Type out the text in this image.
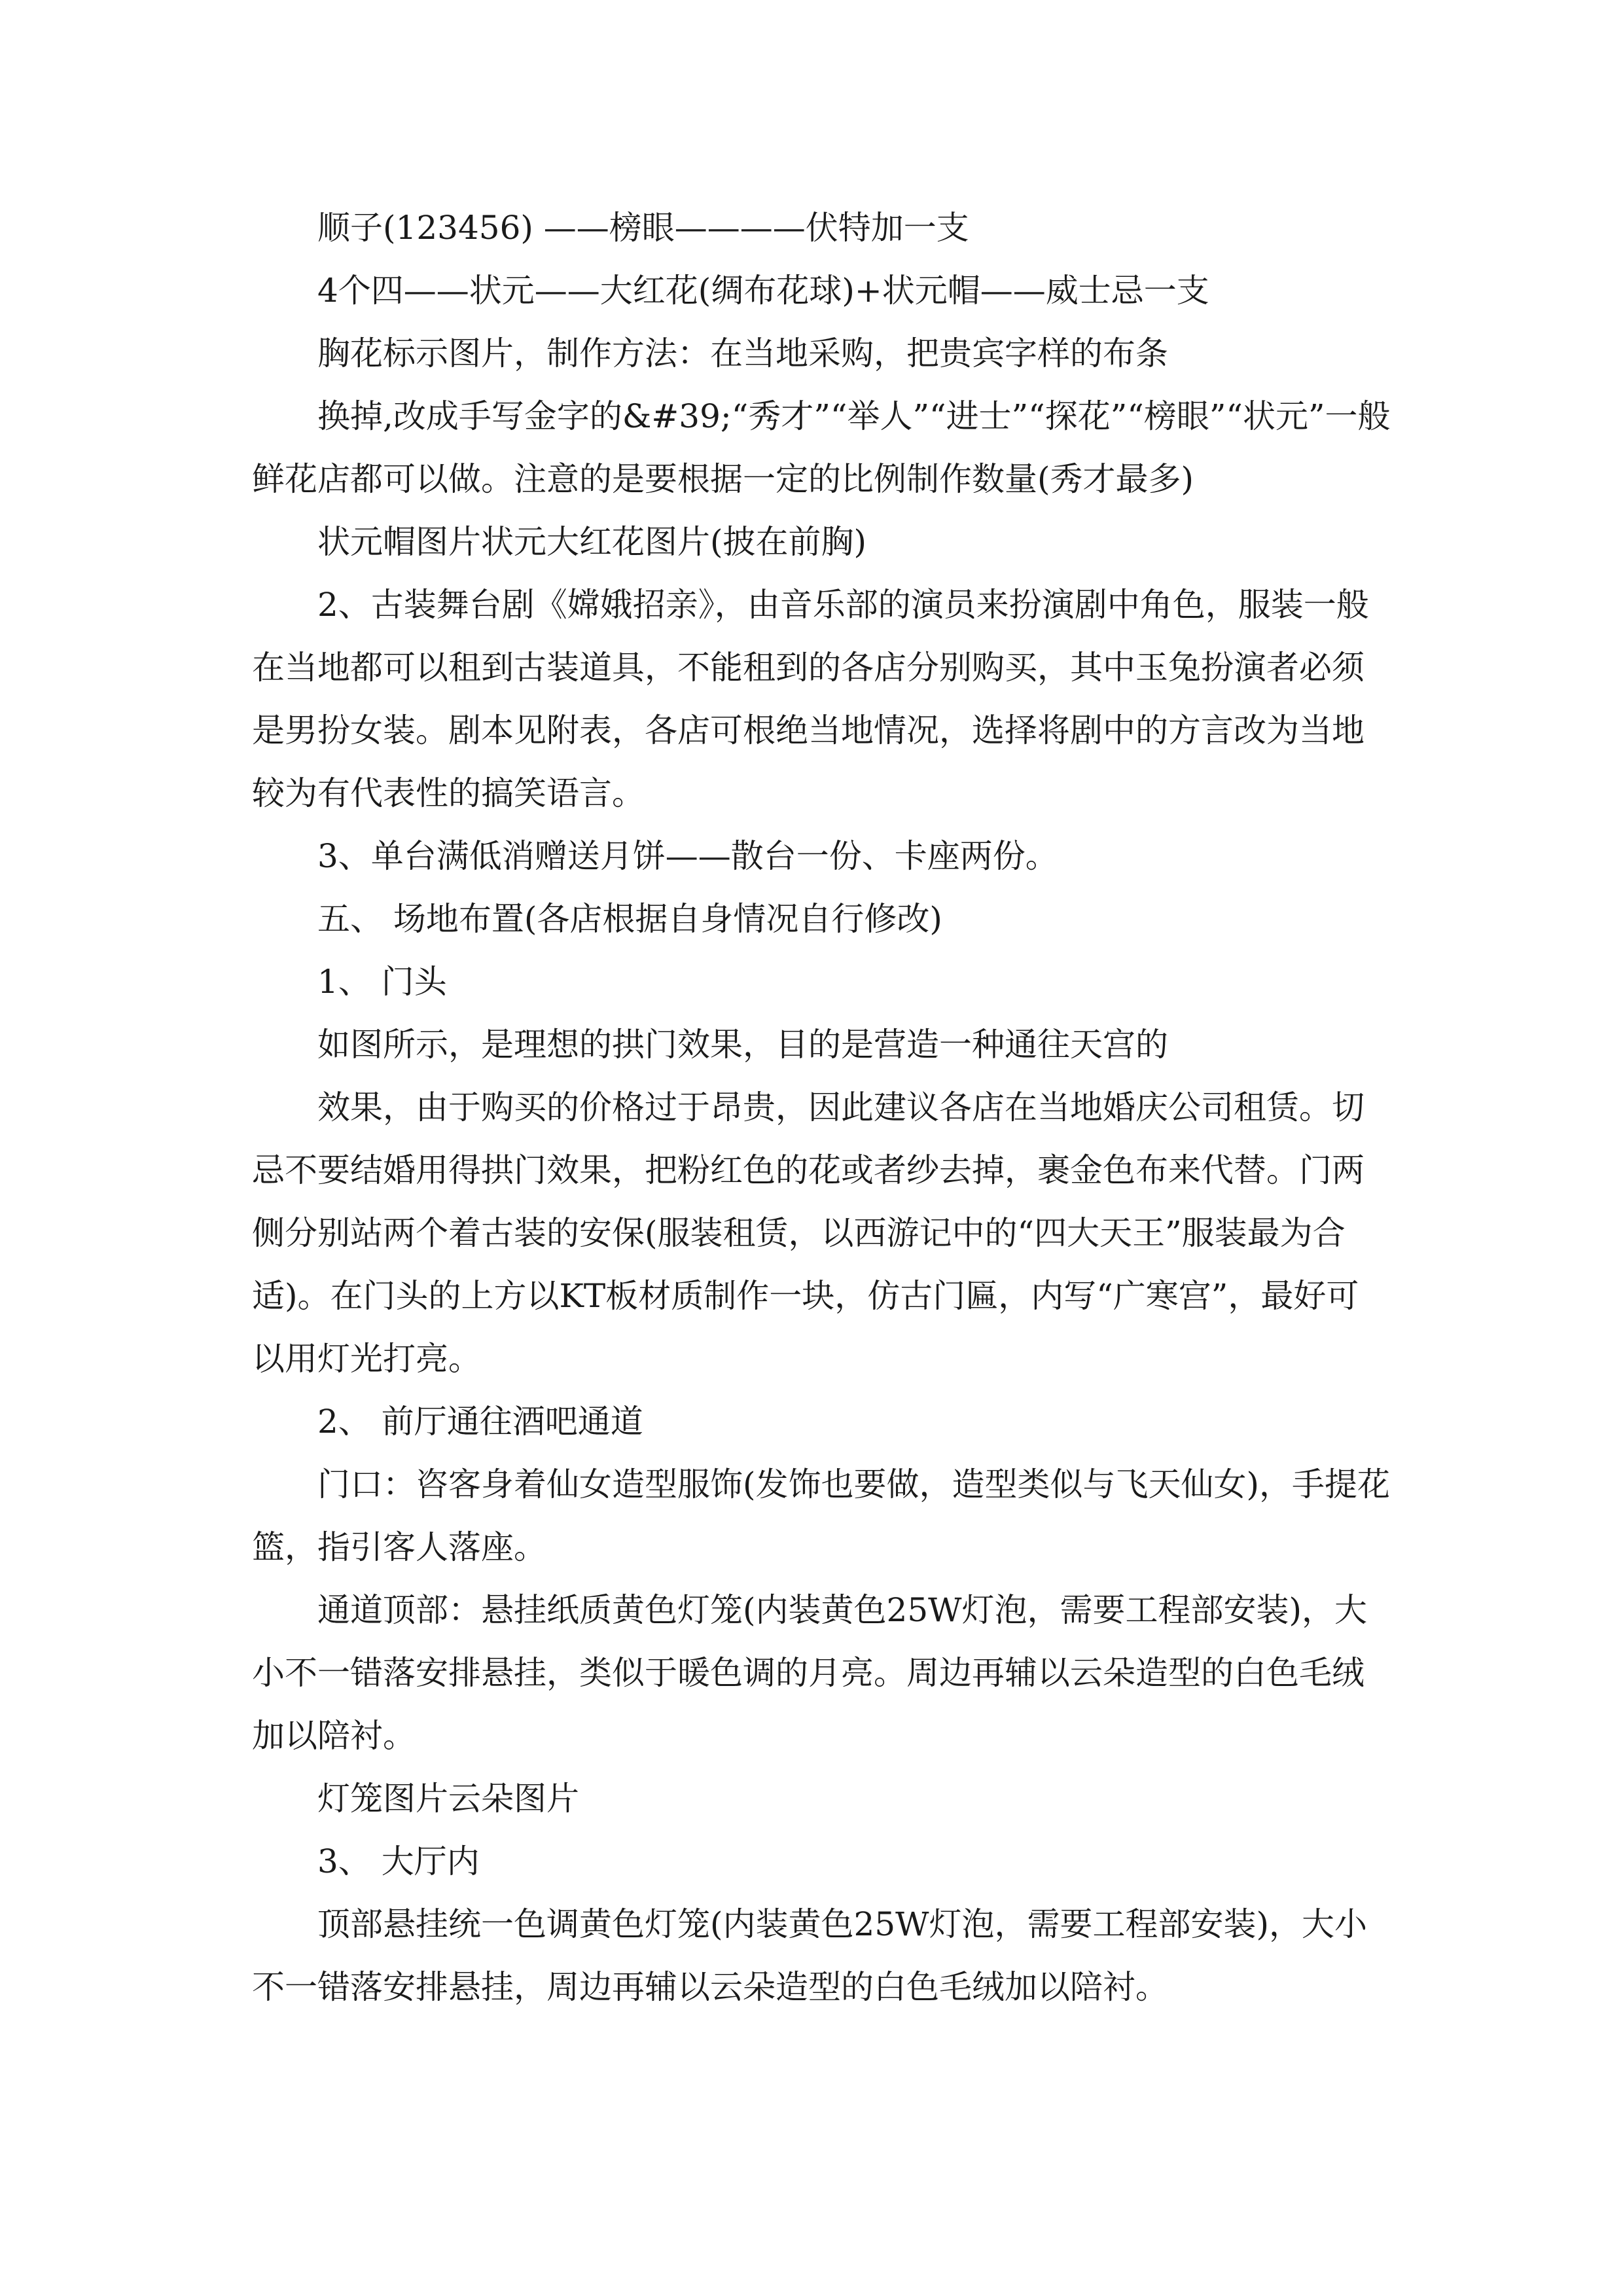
顺子(123456) ——榜眼————伏特加一支

4个四——状元——大红花(绸布花球)+状元帽——威士忌一支

胸花标示图片，制作方法：在当地采购，把贵宾字样的布条

换掉,改成手写金字的&#39;“秀才”“举人”“进士”“探花”“榜眼”“状元”一般鲜花店都可以做。注意的是要根据一定的比例制作数量(秀才最多)

状元帽图片状元大红花图片(披在前胸)

2、古装舞台剧《嫦娥招亲》，由音乐部的演员来扮演剧中角色，服装一般在当地都可以租到古装道具，不能租到的各店分别购买，其中玉兔扮演者必须是男扮女装。剧本见附表，各店可根绝当地情况，选择将剧中的方言改为当地较为有代表性的搞笑语言。

3、单台满低消赠送月饼——散台一份、卡座两份。

五、 场地布置(各店根据自身情况自行修改)

1、 门头

如图所示，是理想的拱门效果，目的是营造一种通往天宫的

效果，由于购买的价格过于昂贵，因此建议各店在当地婚庆公司租赁。切忌不要结婚用得拱门效果，把粉红色的花或者纱去掉，裹金色布来代替。门两侧分别站两个着古装的安保(服装租赁，以西游记中的“四大天王”服装最为合适)。在门头的上方以KT板材质制作一块，仿古门匾，内写“广寒宫”，最好可以用灯光打亮。

2、 前厅通往酒吧通道

门口：咨客身着仙女造型服饰(发饰也要做，造型类似与飞天仙女)，手提花篮，指引客人落座。

通道顶部：悬挂纸质黄色灯笼(内装黄色25W灯泡，需要工程部安装)，大小不一错落安排悬挂，类似于暖色调的月亮。周边再辅以云朵造型的白色毛绒加以陪衬。

灯笼图片云朵图片

3、 大厅内

顶部悬挂统一色调黄色灯笼(内装黄色25W灯泡，需要工程部安装)，大小不一错落安排悬挂，周边再辅以云朵造型的白色毛绒加以陪衬。
